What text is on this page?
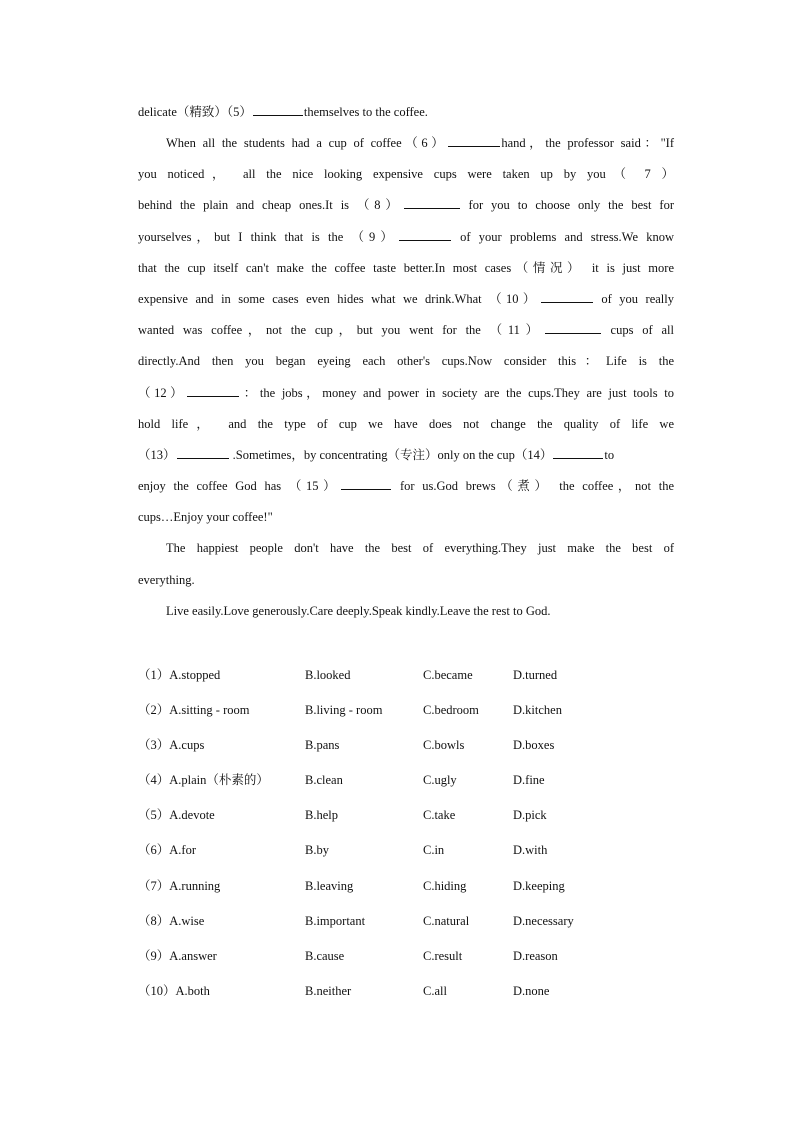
delicate（精致）（5）	themselves to the coffee.
When all the students had a cup of coffee（6）	hand，the professor said："If
you noticed， all the nice looking expensive cups were taken up by you（ 7 ）
behind the plain and cheap ones.It is （8）	for you to choose only the best for
yourselves，but I think that is the （9）	of your problems and stress.We know
that the cup itself can't make the coffee taste better.In most cases（情况） it is just more
expensive and in some cases even hides what we drink.What （10）	of you really
wanted was coffee，not the cup，but you went for the （11）	cups of all
directly.And then you began eyeing each other's cups.Now consider this：Life is the
（12）	：the jobs，money and power in society are the cups.They are just tools to
hold life， and the type of cup we have does not change the quality of life we
（13）	.Sometimes，by concentrating（专注）only on the cup（14）	to
enjoy the coffee God has （15）	for us.God brews（煮） the coffee，not the
cups…Enjoy your coffee!"
The happiest people don't have the best of everything.They just make the best of
everything.
Live easily.Love generously.Care deeply.Speak kindly.Leave the rest to God.
（1）A.stopped	B.looked	C.became	D.turned
（2）A.sitting - room	B.living - room	C.bedroom	D.kitchen
（3）A.cups	B.pans	C.bowls	D.boxes
（4）A.plain（朴素的）	B.clean	C.ugly	D.fine
（5）A.devote	B.help	C.take	D.pick
（6）A.for	B.by	C.in	D.with
（7）A.running	B.leaving	C.hiding	D.keeping
（8）A.wise	B.important	C.natural	D.necessary
（9）A.answer	B.cause	C.result	D.reason
（10）A.both	B.neither	C.all	D.none
